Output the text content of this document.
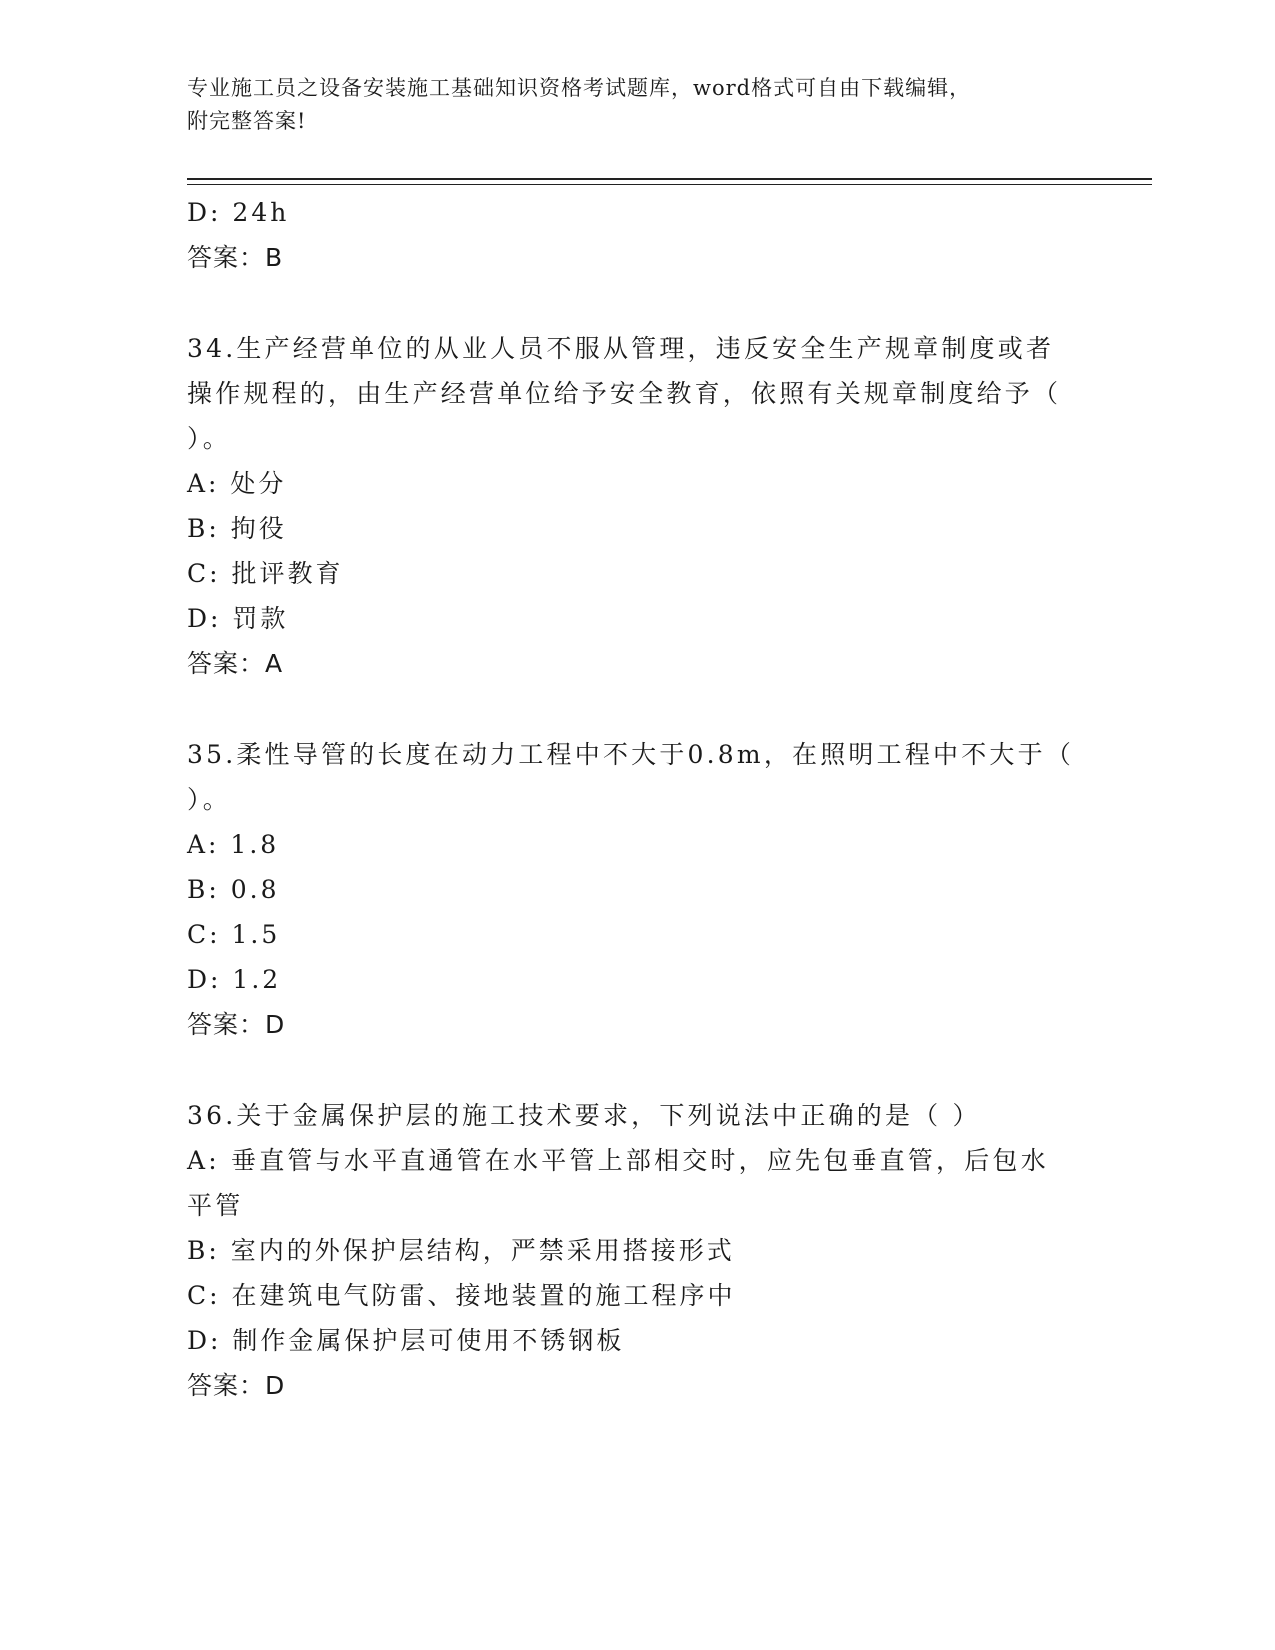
专业施工员之设备安装施工基础知识资格考试题库，word格式可自由下载编辑，
附完整答案!
D: 24h
答案：B
34.生产经营单位的从业人员不服从管理，违反安全生产规章制度或者操作规程的，由生产经营单位给予安全教育，依照有关规章制度给予（ ）。
A: 处分
B: 拘役
C: 批评教育
D: 罚款
答案：A
35.柔性导管的长度在动力工程中不大于0.8m，在照明工程中不大于（ ）。
A: 1.8
B: 0.8
C: 1.5
D: 1.2
答案：D
36.关于金属保护层的施工技术要求，下列说法中正确的是（ ）
A: 垂直管与水平直通管在水平管上部相交时，应先包垂直管，后包水平管
B: 室内的外保护层结构，严禁采用搭接形式
C: 在建筑电气防雷、接地装置的施工程序中
D: 制作金属保护层可使用不锈钢板
答案：D
